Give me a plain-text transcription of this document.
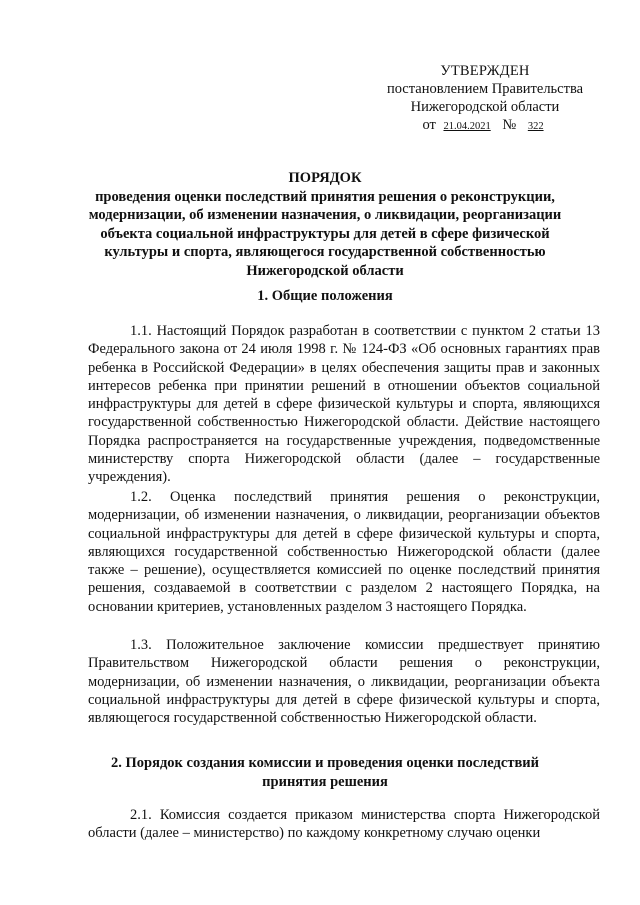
УТВЕРЖДЕН
постановлением Правительства
Нижегородской области
от 21.04.2021 № 322
ПОРЯДОК
проведения оценки последствий принятия решения о реконструкции,
модернизации, об изменении назначения, о ликвидации, реорганизации
объекта социальной инфраструктуры для детей в сфере физической
культуры и спорта, являющегося государственной собственностью
Нижегородской области
1. Общие положения

1.1. Настоящий Порядок разработан в соответствии с пунктом 2 статьи 13 Федерального закона от 24 июля 1998 г. № 124-ФЗ «Об основных гарантиях прав ребенка в Российской Федерации» в целях обеспечения защиты прав и законных интересов ребенка при принятии решений в отношении объектов социальной инфраструктуры для детей в сфере физической культуры и спорта, являющихся государственной собственностью Нижегородской области. Действие настоящего Порядка распространяется на государственные учреждения, подведомственные министерству спорта Нижегородской области (далее – государственные учреждения).

1.2. Оценка последствий принятия решения о реконструкции, модернизации, об изменении назначения, о ликвидации, реорганизации объектов социальной инфраструктуры для детей в сфере физической культуры и спорта, являющихся государственной собственностью Нижегородской области (далее также – решение), осуществляется комиссией по оценке последствий принятия решения, создаваемой в соответствии с разделом 2 настоящего Порядка, на основании критериев, установленных разделом 3 настоящего Порядка.

1.3. Положительное заключение комиссии предшествует принятию Правительством Нижегородской области решения о реконструкции, модернизации, об изменении назначения, о ликвидации, реорганизации объекта социальной инфраструктуры для детей в сфере физической культуры и спорта, являющегося государственной собственностью Нижегородской области.

2. Порядок создания комиссии и проведения оценки последствий
принятия решения

2.1. Комиссия создается приказом министерства спорта Нижегородской области (далее – министерство) по каждому конкретному случаю оценки
